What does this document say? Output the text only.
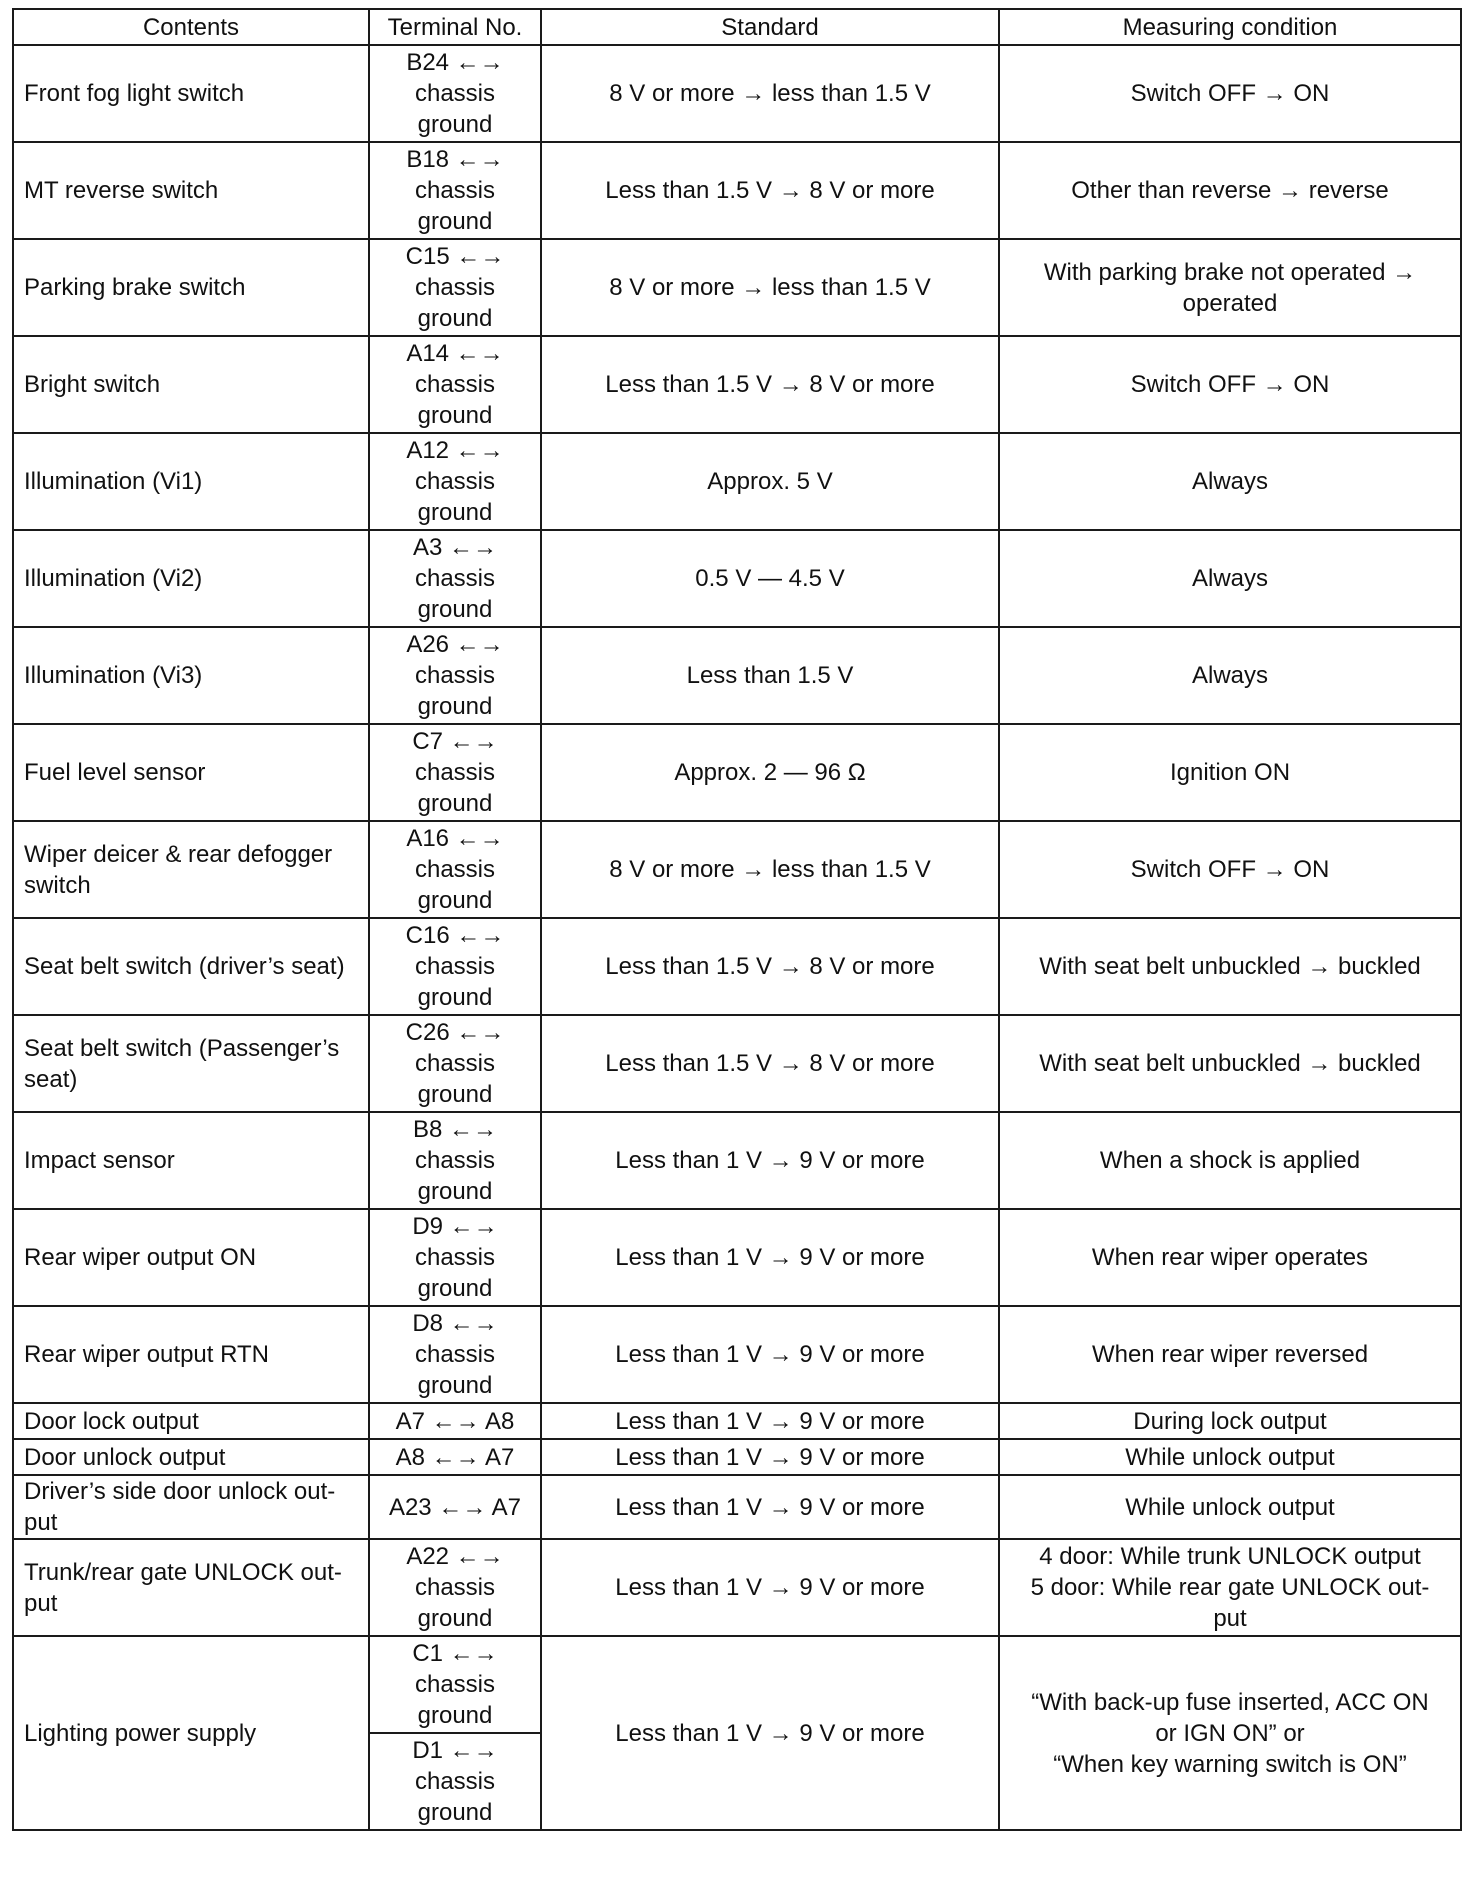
Contents	Terminal No.	Standard	Measuring condition
Front fog light switch	B24 ←→
chassis
ground	8 V or more → less than 1.5 V	Switch OFF → ON

MT reverse switch	B18 ←→
chassis
ground	Less than 1.5 V → 8 V or more	Other than reverse → reverse

Parking brake switch	C15 ←→
chassis
ground	8 V or more → less than 1.5 V	With parking brake not operated →
operated

Bright switch	A14 ←→
chassis
ground	Less than 1.5 V → 8 V or more	Switch OFF → ON

Illumination (Vi1)	A12 ←→
chassis
ground	Approx. 5 V	Always

Illumination (Vi2)	A3 ←→
chassis
ground	0.5 V — 4.5 V	Always

Illumination (Vi3)	A26 ←→
chassis
ground	Less than 1.5 V	Always

Fuel level sensor	C7 ←→
chassis
ground	Approx. 2 — 96 Ω	Ignition ON

Wiper deicer & rear defogger switch	A16 ←→
chassis
ground	8 V or more → less than 1.5 V	Switch OFF → ON

Seat belt switch (driver’s seat)	C16 ←→
chassis
ground	Less than 1.5 V → 8 V or more	With seat belt unbuckled → buckled

Seat belt switch (Passenger’s seat)	C26 ←→
chassis
ground	Less than 1.5 V → 8 V or more	With seat belt unbuckled → buckled

Impact sensor	B8 ←→
chassis
ground	Less than 1 V → 9 V or more	When a shock is applied

Rear wiper output ON	D9 ←→
chassis
ground	Less than 1 V → 9 V or more	When rear wiper operates

Rear wiper output RTN	D8 ←→
chassis
ground	Less than 1 V → 9 V or more	When rear wiper reversed

Door lock output	A7 ←→ A8	Less than 1 V → 9 V or more	During lock output

Door unlock output	A8 ←→ A7	Less than 1 V → 9 V or more	While unlock output

Driver’s side door unlock out-put	A23 ←→ A7	Less than 1 V → 9 V or more	While unlock output

Trunk/rear gate UNLOCK out-put	A22 ←→
chassis
ground	Less than 1 V → 9 V or more	4 door: While trunk UNLOCK output
5 door: While rear gate UNLOCK out-
put

Lighting power supply	C1 ←→
chassis
ground	Less than 1 V → 9 V or more	“With back-up fuse inserted, ACC ON
or IGN ON” or
“When key warning switch is ON”

	D1 ←→
chassis
ground		
